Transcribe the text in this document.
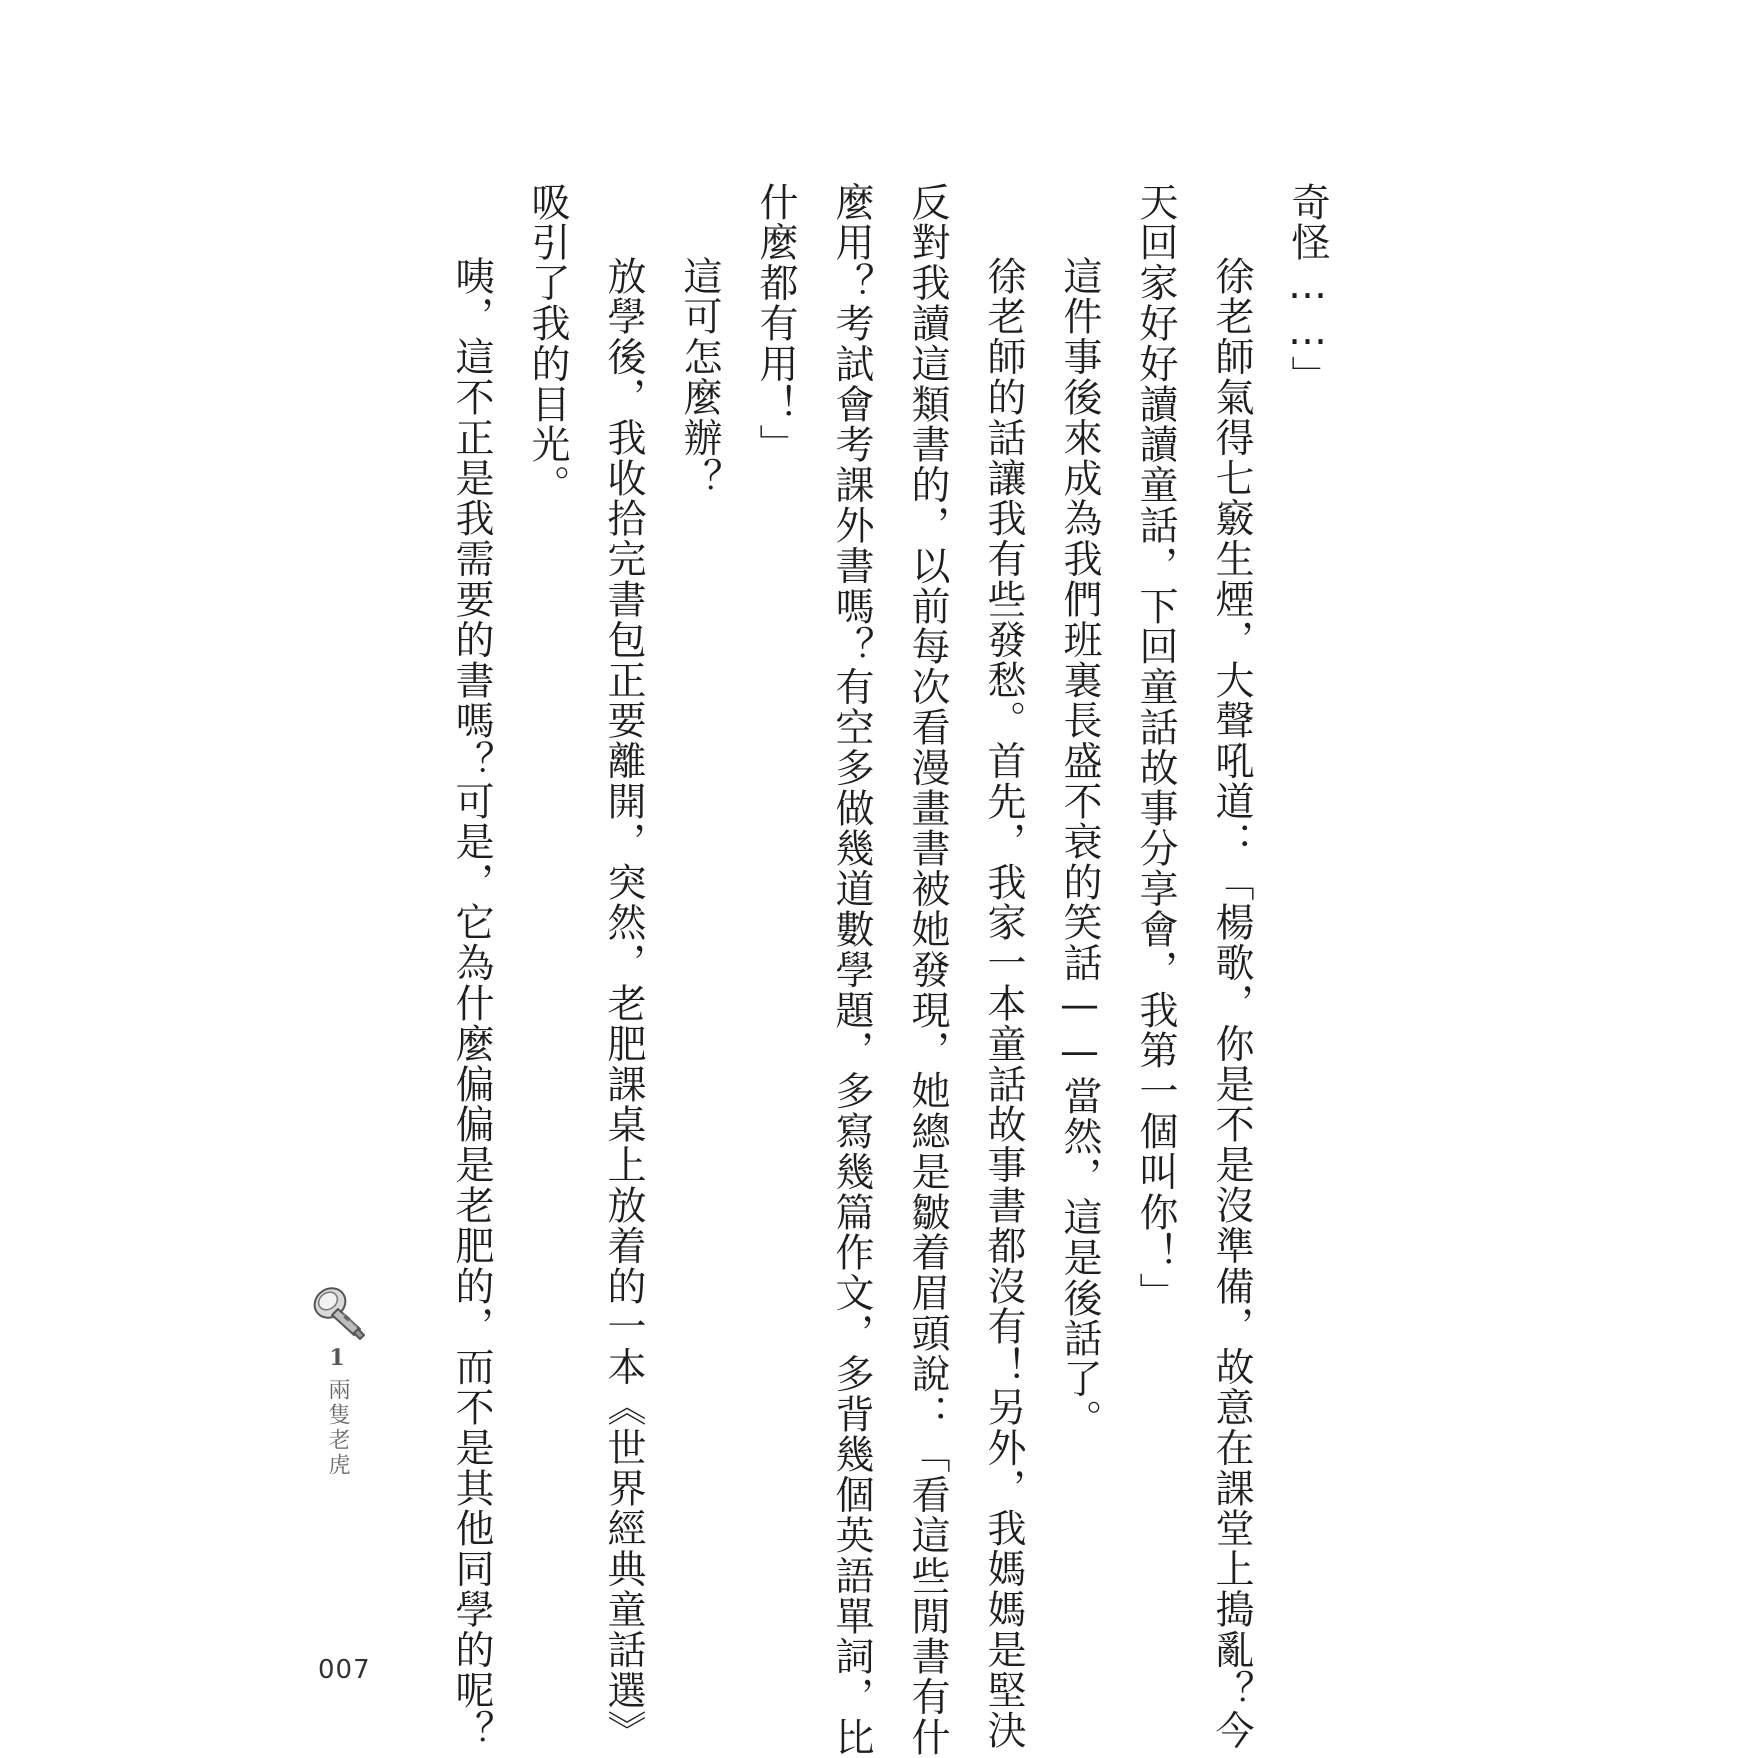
奇怪……」
徐老師氣得七竅生煙，大聲吼道：「楊歌，你是不是沒準備，故意在課堂上搗亂？今
天回家好好讀讀童話，下回童話故事分享會，我第一個叫你！」
這件事後來成為我們班裏長盛不衰的笑話——當然，這是後話了。
徐老師的話讓我有些發愁。首先，我家一本童話故事書都沒有！另外，我媽媽是堅決
反對我讀這類書的，以前每次看漫畫書被她發現，她總是皺着眉頭說：「看這些閒書有什
麼用？考試會考課外書嗎？有空多做幾道數學題，多寫幾篇作文，多背幾個英語單詞，比
什麼都有用！」
這可怎麼辦？
放學後，我收拾完書包正要離開，突然，老肥課桌上放着的一本《世界經典童話選》
吸引了我的目光。
咦，這不正是我需要的書嗎？可是，它為什麼偏偏是老肥的，而不是其他同學的呢？
1
兩隻老虎
007
